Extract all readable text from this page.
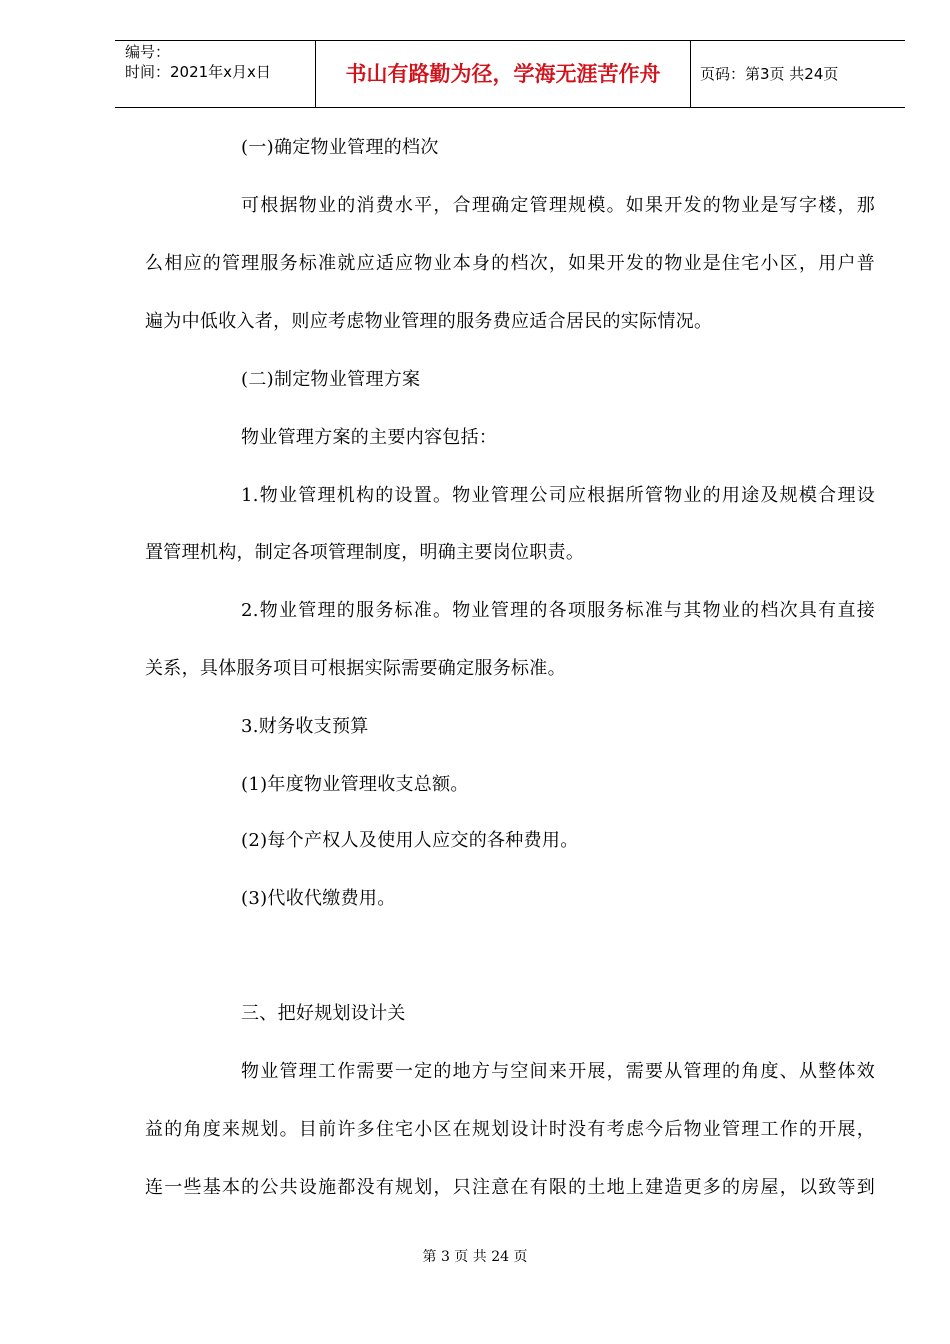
编号：
时间：2021年x月x日	书山有路勤为径，学海无涯苦作舟	页码：第3页 共24页
(一)确定物业管理的档次
可根据物业的消费水平，合理确定管理规模。如果开发的物业是写字楼，那
么相应的管理服务标准就应适应物业本身的档次，如果开发的物业是住宅小区，用户普
遍为中低收入者，则应考虑物业管理的服务费应适合居民的实际情况。
(二)制定物业管理方案
物业管理方案的主要内容包括：
1.物业管理机构的设置。物业管理公司应根据所管物业的用途及规模合理设
置管理机构，制定各项管理制度，明确主要岗位职责。
2.物业管理的服务标准。物业管理的各项服务标准与其物业的档次具有直接
关系，具体服务项目可根据实际需要确定服务标准。
3.财务收支预算
(1)年度物业管理收支总额。
(2)每个产权人及使用人应交的各种费用。
(3)代收代缴费用。
三、把好规划设计关
物业管理工作需要一定的地方与空间来开展，需要从管理的角度、从整体效
益的角度来规划。目前许多住宅小区在规划设计时没有考虑今后物业管理工作的开展，
连一些基本的公共设施都没有规划，只注意在有限的土地上建造更多的房屋，以致等到
第 3 页 共 24 页
